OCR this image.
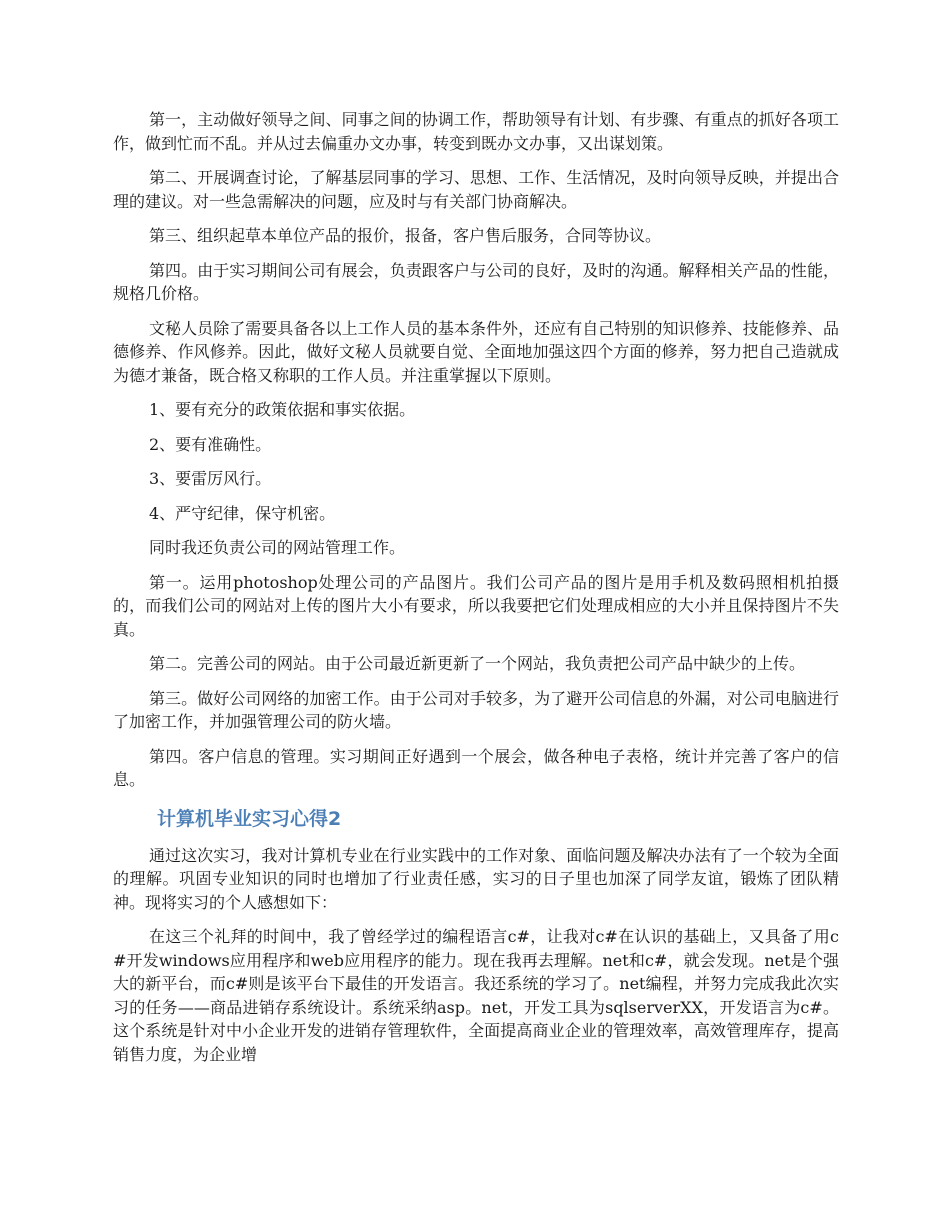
第一，主动做好领导之间、同事之间的协调工作，帮助领导有计划、有步骤、有重点的抓好各项工作，做到忙而不乱。并从过去偏重办文办事，转变到既办文办事，又出谋划策。

第二、开展调查讨论，了解基层同事的学习、思想、工作、生活情况，及时向领导反映，并提出合理的建议。对一些急需解决的问题，应及时与有关部门协商解决。

第三、组织起草本单位产品的报价，报备，客户售后服务，合同等协议。

第四。由于实习期间公司有展会，负责跟客户与公司的良好，及时的沟通。解释相关产品的性能，规格几价格。

文秘人员除了需要具备各以上工作人员的基本条件外，还应有自己特别的知识修养、技能修养、品德修养、作风修养。因此，做好文秘人员就要自觉、全面地加强这四个方面的修养，努力把自己造就成为德才兼备，既合格又称职的工作人员。并注重掌握以下原则。

1、要有充分的政策依据和事实依据。

2、要有准确性。

3、要雷厉风行。

4、严守纪律，保守机密。

同时我还负责公司的网站管理工作。

第一。运用photoshop处理公司的产品图片。我们公司产品的图片是用手机及数码照相机拍摄的，而我们公司的网站对上传的图片大小有要求，所以我要把它们处理成相应的大小并且保持图片不失真。

第二。完善公司的网站。由于公司最近新更新了一个网站，我负责把公司产品中缺少的上传。

第三。做好公司网络的加密工作。由于公司对手较多，为了避开公司信息的外漏，对公司电脑进行了加密工作，并加强管理公司的防火墙。

第四。客户信息的管理。实习期间正好遇到一个展会，做各种电子表格，统计并完善了客户的信息。

计算机毕业实习心得2

通过这次实习，我对计算机专业在行业实践中的工作对象、面临问题及解决办法有了一个较为全面的理解。巩固专业知识的同时也增加了行业责任感，实习的日子里也加深了同学友谊，锻炼了团队精神。现将实习的个人感想如下：

在这三个礼拜的时间中，我了曾经学过的编程语言c#，让我对c#在认识的基础上，又具备了用c#开发windows应用程序和web应用程序的能力。现在我再去理解。net和c#，就会发现。net是个强大的新平台，而c#则是该平台下最佳的开发语言。我还系统的学习了。net编程，并努力完成我此次实习的任务——商品进销存系统设计。系统采纳asp。net，开发工具为sqlserverXX，开发语言为c#。这个系统是针对中小企业开发的进销存管理软件，全面提高商业企业的管理效率，高效管理库存，提高销售力度，为企业增
